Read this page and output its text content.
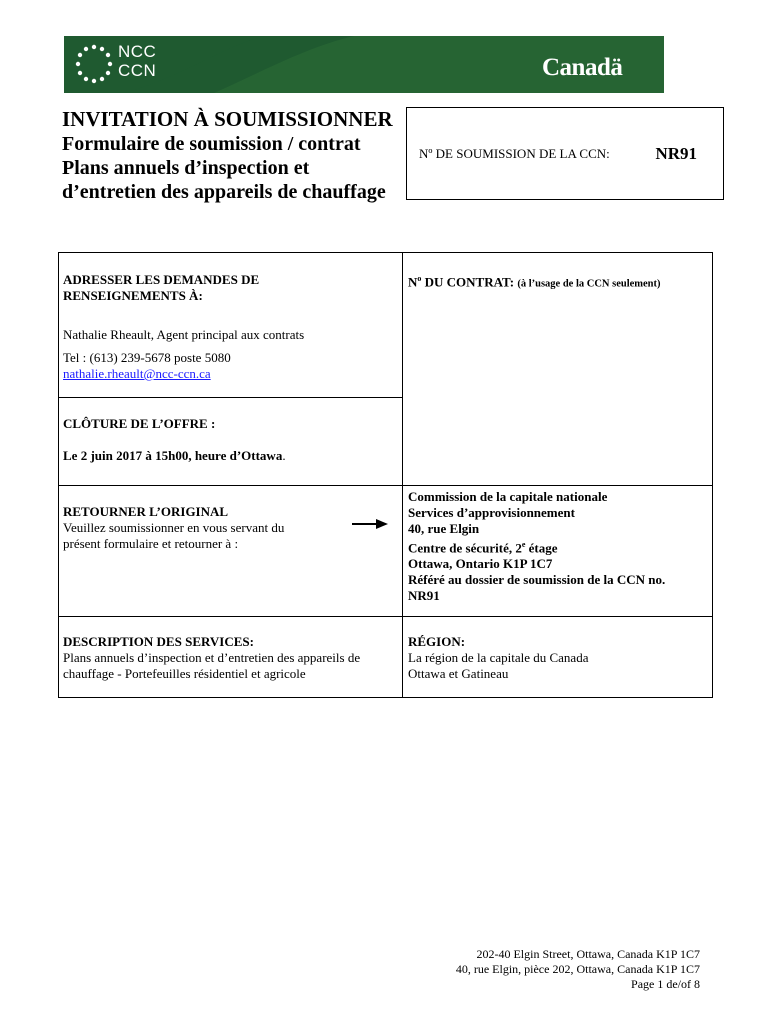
NCC
CCN	Canadä
INVITATION À SOUMISSIONNER
Formulaire de soumission / contrat
Plans annuels d’inspection et
d’entretien des appareils de chauffage
Nº DE SOUMISSION DE LA CCN:	NR91
ADRESSER LES DEMANDES DE
RENSEIGNEMENTS À:
Nathalie Rheault, Agent principal aux contrats
Tel : (613) 239-5678 poste 5080
nathalie.rheault@ncc-ccn.ca
$N^o$ DU CONTRAT: (à l’usage de la CCN seulement)
CLÔTURE DE L’OFFRE :
Le 2 juin 2017 à 15h00, heure d’Ottawa.
RETOURNER L’ORIGINAL
Veuillez soumissionner en vous servant du
présent formulaire et retourner à :
Commission de la capitale nationale
Services d’approvisionnement
40, rue Elgin
Centre de sécurité, 2e étage
Ottawa, Ontario K1P 1C7
Référé au dossier de soumission de la CCN no.
NR91
DESCRIPTION DES SERVICES:
Plans annuels d’inspection et d’entretien des appareils de
chauffage - Portefeuilles résidentiel et agricole
RÉGION:
La région de la capitale du Canada
Ottawa et Gatineau
202-40 Elgin Street, Ottawa, Canada K1P 1C7
40, rue Elgin, pièce 202, Ottawa, Canada K1P 1C7
Page 1 de/of 8
